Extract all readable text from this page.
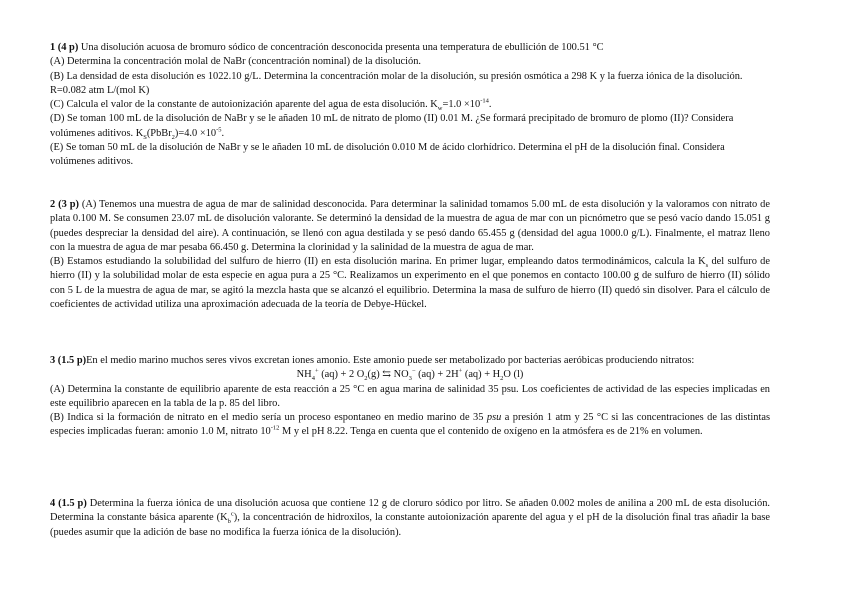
1 (4 p) Una disolución acuosa de bromuro sódico de concentración desconocida presenta una temperatura de ebullición de 100.51 °C

(A) Determina la concentración molal de NaBr (concentración nominal) de la disolución.

(B) La densidad de esta disolución es 1022.10 g/L. Determina la concentración molar de la disolución, su presión osmótica a 298 K y la fuerza iónica de la disolución. R=0.082 atm L/(mol K)

(C) Calcula el valor de la constante de autoionización aparente del agua de esta disolución. $K_w=1.0 \times 10^{-14}$.

(D) Se toman 100 mL de la disolución de NaBr y se le añaden 10 mL de nitrato de plomo (II) 0.01 M. ¿Se formará precipitado de bromuro de plomo (II)? Considera volúmenes aditivos. $K_S(PbBr_2)=4.0 \times 10^{-5}$.

(E) Se toman 50 mL de la disolución de NaBr y se le añaden 10 mL de disolución 0.010 M de ácido clorhídrico. Determina el pH de la disolución final. Considera volúmenes aditivos.

2 (3 p) (A) Tenemos una muestra de agua de mar de salinidad desconocida. Para determinar la salinidad tomamos 5.00 mL de esta disolución y la valoramos con nitrato de plata 0.100 M. Se consumen 23.07 mL de disolución valorante. Se determinó la densidad de la muestra de agua de mar con un picnómetro que se pesó vacío dando 15.051 g (puedes despreciar la densidad del aire). A continuación, se llenó con agua destilada y se pesó dando 65.455 g (densidad del agua 1000.0 g/L). Finalmente, el matraz lleno con la muestra de agua de mar pesaba 66.450 g. Determina la clorinidad y la salinidad de la muestra de agua de mar.

(B) Estamos estudiando la solubilidad del sulfuro de hierro (II) en esta disolución marina. En primer lugar, empleando datos termodinámicos, calcula la $K_s$ del sulfuro de hierro (II) y la solubilidad molar de esta especie en agua pura a 25 °C. Realizamos un experimento en el que ponemos en contacto 100.00 g de sulfuro de hierro (II) sólido con 5 L de la muestra de agua de mar, se agitó la mezcla hasta que se alcanzó el equilibrio. Determina la masa de sulfuro de hierro (II) quedó sin disolver. Para el cálculo de coeficientes de actividad utiliza una aproximación adecuada de la teoría de Debye-Hückel.

3 (1.5 p)En el medio marino muchos seres vivos excretan iones amonio. Este amonio puede ser metabolizado por bacterias aeróbicas produciendo nitratos:

$NH_4^+$ (aq) + 2 $O_2(g)$ ⇆ $NO_3^-$ (aq) + 2H+ $(aq) + H_2O$ (l)

(A) Determina la constante de equilibrio aparente de esta reacción a 25 °C en agua marina de salinidad 35 psu. Los coeficientes de actividad de las especies implicadas en este equilibrio aparecen en la tabla de la p. 85 del libro.

(B) Indica si la formación de nitrato en el medio sería un proceso espontaneo en medio marino de 35 psu a presión 1 atm y 25 °C si las concentraciones de las distintas especies implicadas fueran: amonio 1.0 M, nitrato $10^{-12}$ M y el pH 8.22. Tenga en cuenta que el contenido de oxígeno en la atmósfera es de 21% en volumen.

4 (1.5 p) Determina la fuerza iónica de una disolución acuosa que contiene 12 g de cloruro sódico por litro. Se añaden 0.002 moles de anilina a 200 mL de esta disolución. Determina la constante básica aparente $(K_b^c)$, la concentración de hidroxilos, la constante autoionización aparente del agua y el pH de la disolución final tras añadir la base (puedes asumir que la adición de base no modifica la fuerza iónica de la disolución).
